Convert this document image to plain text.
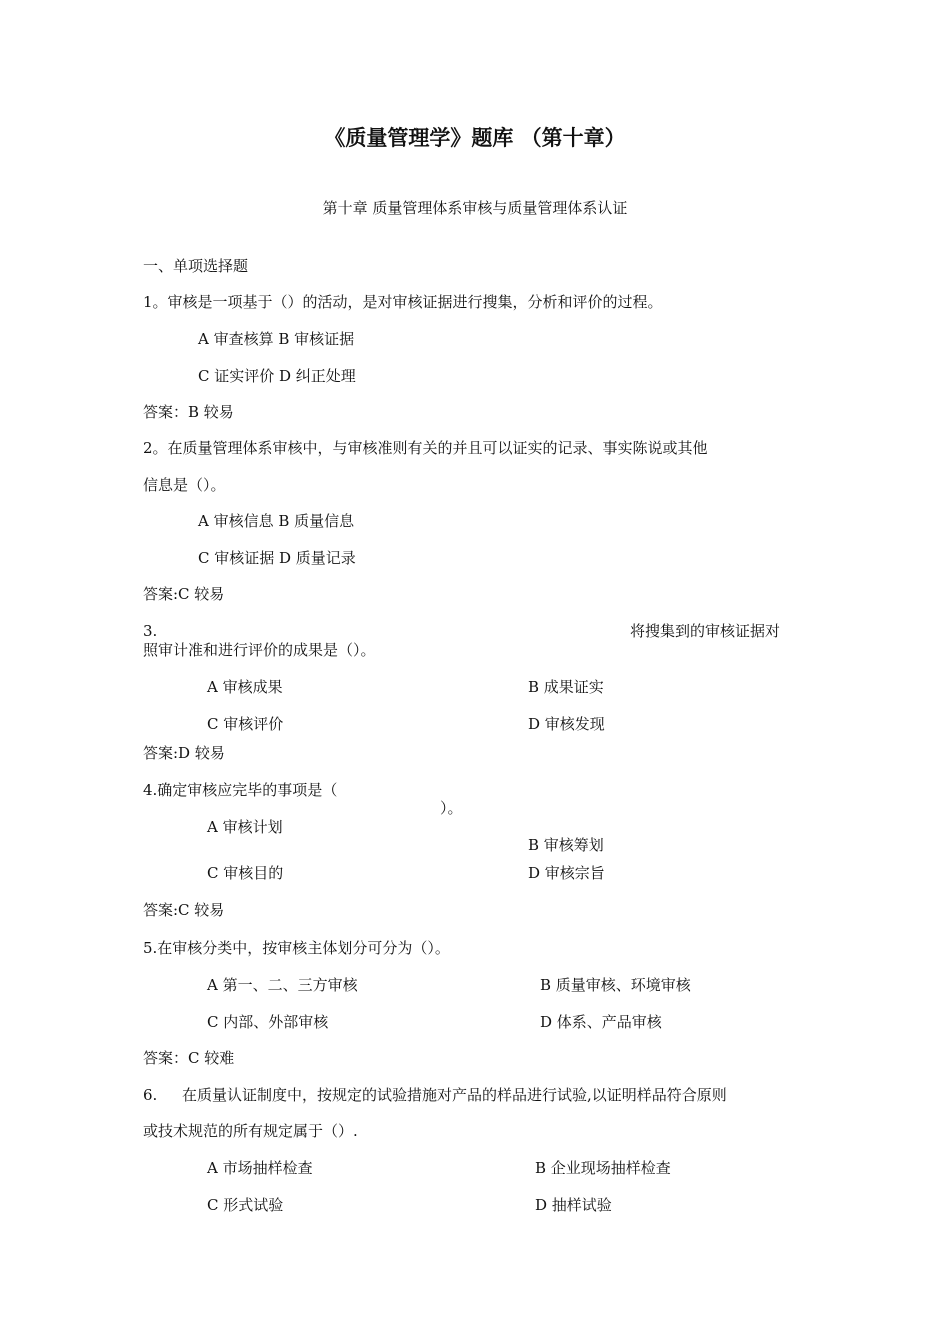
《质量管理学》题库 （第十章）
第十章 质量管理体系审核与质量管理体系认证
一、单项选择题
1。审核是一项基于（）的活动，是对审核证据进行搜集，分析和评价的过程。
A 审查核算 B 审核证据
C 证实评价 D 纠正处理
答案：B 较易
2。在质量管理体系审核中，与审核准则有关的并且可以证实的记录、事实陈说或其他
信息是（）。
A 审核信息 B 质量信息
C 审核证据 D 质量记录
答案:C 较易
3.	将搜集到的审核证据对
照审计准和进行评价的成果是（）。
A 审核成果	B 成果证实
C 审核评价	D 审核发现
答案:D 较易
4.确定审核应完毕的事项是（
）。
A 审核计划
B 审核筹划
C 审核目的	D 审核宗旨
答案:C 较易
5.在审核分类中，按审核主体划分可分为（）。
A 第一、二、三方审核	B 质量审核、环境审核
C 内部、外部审核	D 体系、产品审核
答案：C 较难
6. 在质量认证制度中，按规定的试验措施对产品的样品进行试验,以证明样品符合原则
或技术规范的所有规定属于（）.
A 市场抽样检查	B 企业现场抽样检查
C 形式试验	D 抽样试验
